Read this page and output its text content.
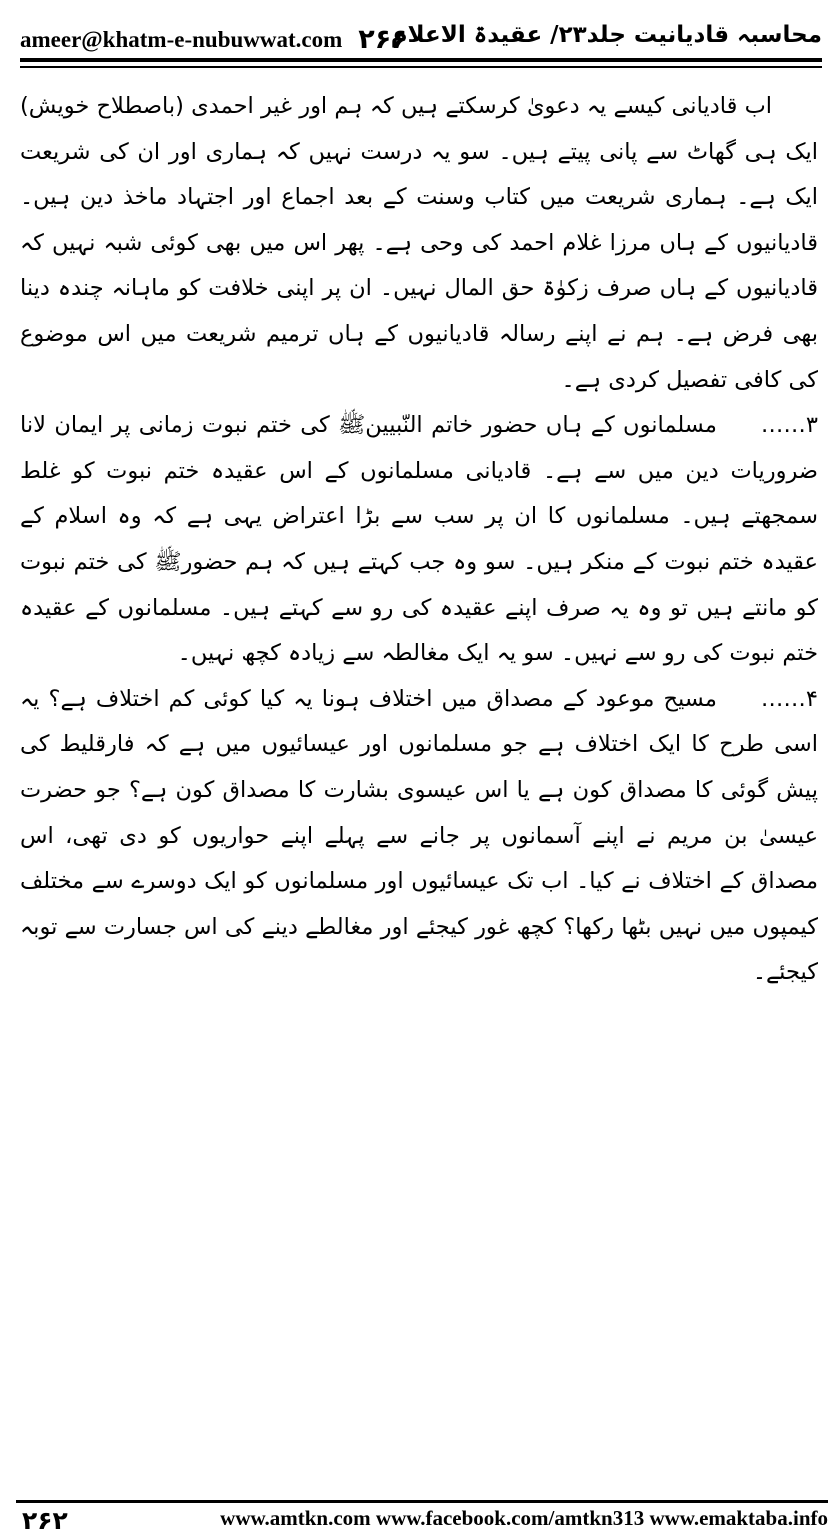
ameer@khatm-e-nubuwwat.com ۲۶۶
محاسبہ قادیانیت جلد۲۳/ عقیدۃ الاعلام

اب قادیانی کیسے یہ دعویٰ کرسکتے ہیں کہ ہم اور غیر احمدی (باصطلاح خویش) ایک ہی گھاٹ سے پانی پیتے ہیں۔ سو یہ درست نہیں کہ ہماری اور ان کی شریعت ایک ہے۔ ہماری شریعت میں کتاب وسنت کے بعد اجماع اور اجتہاد ماخذ دین ہیں۔ قادیانیوں کے ہاں مرزا غلام احمد کی وحی ہے۔ پھر اس میں بھی کوئی شبہ نہیں کہ قادیانیوں کے ہاں صرف زکوٰۃ حق المال نہیں۔ ان پر اپنی خلافت کو ماہانہ چندہ دینا بھی فرض ہے۔ ہم نے اپنے رسالہ قادیانیوں کے ہاں ترمیم شریعت میں اس موضوع کی کافی تفصیل کردی ہے۔

۳……مسلمانوں کے ہاں حضور خاتم النّبیینﷺ کی ختم نبوت زمانی پر ایمان لانا ضروریات دین میں سے ہے۔ قادیانی مسلمانوں کے اس عقیدہ ختم نبوت کو غلط سمجھتے ہیں۔ مسلمانوں کا ان پر سب سے بڑا اعتراض یہی ہے کہ وہ اسلام کے عقیدہ ختم نبوت کے منکر ہیں۔ سو وہ جب کہتے ہیں کہ ہم حضورﷺ کی ختم نبوت کو مانتے ہیں تو وہ یہ صرف اپنے عقیدہ کی رو سے کہتے ہیں۔ مسلمانوں کے عقیدہ ختم نبوت کی رو سے نہیں۔ سو یہ ایک مغالطہ سے زیادہ کچھ نہیں۔

۴……مسیح موعود کے مصداق میں اختلاف ہونا یہ کیا کوئی کم اختلاف ہے؟ یہ اسی طرح کا ایک اختلاف ہے جو مسلمانوں اور عیسائیوں میں ہے کہ فارقلیط کی پیش گوئی کا مصداق کون ہے یا اس عیسوی بشارت کا مصداق کون ہے؟ جو حضرت عیسیٰ بن مریم نے اپنے آسمانوں پر جانے سے پہلے اپنے حواریوں کو دی تھی، اس مصداق کے اختلاف نے کیا۔ اب تک عیسائیوں اور مسلمانوں کو ایک دوسرے سے مختلف کیمپوں میں نہیں بٹھا رکھا؟ کچھ غور کیجئے اور مغالطے دینے کی اس جسارت سے توبہ کیجئے۔

۲۶۲	www.amtkn.com www.facebook.com/amtkn313 www.emaktaba.info
